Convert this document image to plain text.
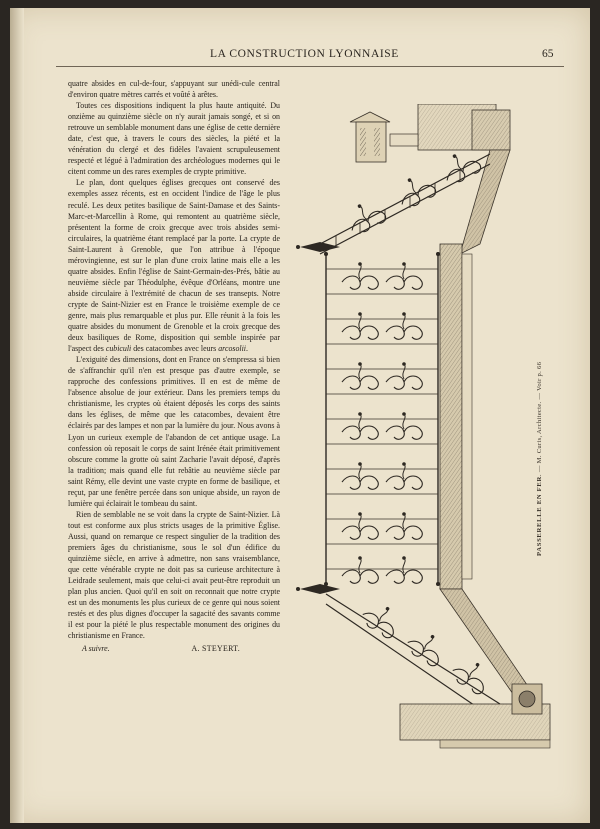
LA CONSTRUCTION LYONNAISE	65

quatre absides en cul-de-four, s'appuyant sur unédi-cule central d'environ quatre mètres carrés et voûté à arêtes.

Toutes ces dispositions indiquent la plus haute antiquité. Du onzième au quinzième siècle on n'y aurait jamais songé, et si on retrouve un semblable monument dans une église de cette dernière date, c'est que, à travers le cours des siècles, la piété et la vénération du clergé et des fidèles l'avaient scrupuleusement respecté et légué à l'admiration des archéologues modernes qui le citent comme un des rares exemples de crypte primitive.

Le plan, dont quelques églises grecques ont conservé des exemples assez récents, est en occident l'indice de l'âge le plus reculé. Les deux petites basilique de Saint-Damase et des Saints-Marc-et-Marcellin à Rome, qui remontent au quatrième siècle, présentent la forme de croix grecque avec trois absides semi-circulaires, la quatrième étant remplacé par la porte. La crypte de Saint-Laurent à Grenoble, que l'on attribue à l'époque mérovingienne, est sur le plan d'une croix latine mais elle a les quatre absides. Enfin l'église de Saint-Germain-des-Prés, bâtie au neuvième siècle par Théodulphe, évêque d'Orléans, montre une abside circulaire à l'extrémité de chacun de ses transepts. Notre crypte de Saint-Nizier est en France le troisième exemple de ce genre, mais plus remarquable et plus pur. Elle réunit à la fois les quatre absides du monument de Grenoble et la croix grecque des deux basiliques de Rome, disposition qui semble inspirée par l'aspect des cubiculi des catacombes avec leurs arcosolii.

L'exiguité des dimensions, dont en France on s'empressa si bien de s'affranchir qu'il n'en est presque pas d'autre exemple, se rapproche des confessions primitives. Il en est de même de l'absence absolue de jour extérieur. Dans les premiers temps du christianisme, les cryptes où étaient déposés les corps des saints dans les églises, de même que les catacombes, devaient être éclairés par des lampes et non par la lumière du jour. Nous avons à Lyon un curieux exemple de l'abandon de cet antique usage. La confession où reposait le corps de saint Irénée était primitivement obscure comme la grotte où saint Zacharie l'avait déposé, d'après la tradition; mais quand elle fut rebâtie au neuvième siècle par saint Rémy, elle devint une vaste crypte en forme de basilique, et reçut, par une fenêtre percée dans son unique abside, un rayon de lumière qui éclairait le tombeau du saint.

Rien de semblable ne se voit dans la crypte de Saint-Nizier. Là tout est conforme aux plus stricts usages de la primitive Église. Aussi, quand on remarque ce respect singulier de la tradition des premiers âges du christianisme, sous le sol d'un édifice du quinzième siècle, en arrive à admettre, non sans vraisemblance, que cette vénérable crypte ne doit pas sa curieuse architecture à Leidrade seulement, mais que celui-ci avait peut-être reproduit un plan plus ancien. Quoi qu'il en soit on reconnait que notre crypte est un des monuments les plus curieux de ce genre qui nous soient restés et des plus dignes d'occuper la sagacité des savants comme il est pour la piété le plus respectable monument des origines du christianisme en France.

A suivre.	A. STEYERT.
PASSERELLE EN FER. — M. Curis, Architecte. — Voir p. 66
